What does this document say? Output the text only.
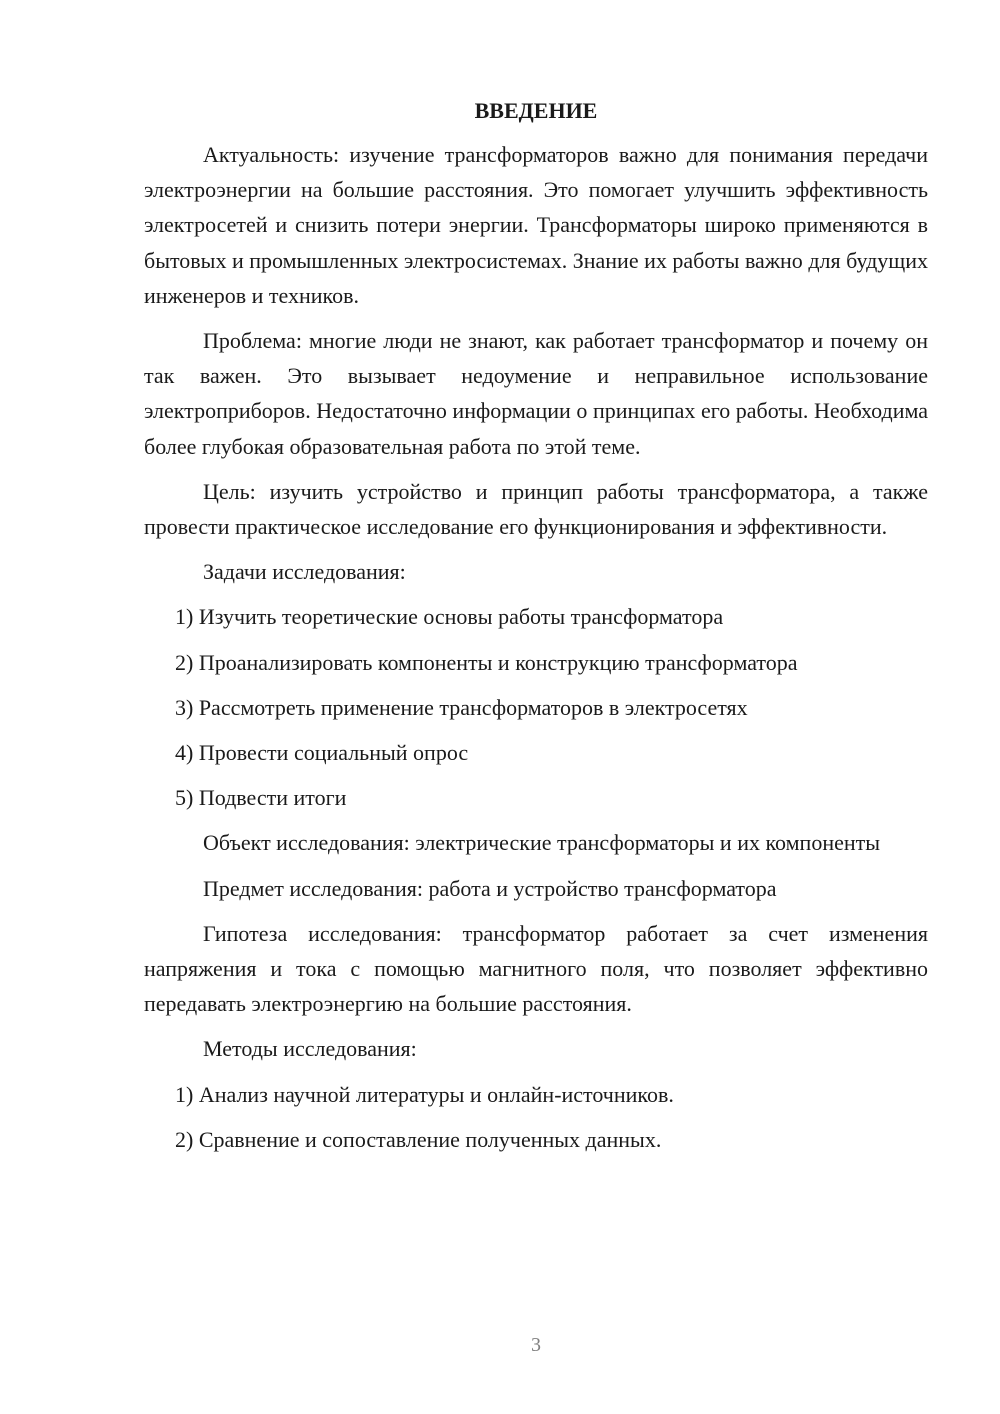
ВВЕДЕНИЕ

Актуальность: изучение трансформаторов важно для понимания передачи электроэнергии на большие расстояния. Это помогает улучшить эффективность электросетей и снизить потери энергии. Трансформаторы широко применяются в бытовых и промышленных электросистемах. Знание их работы важно для будущих инженеров и техников.

Проблема: многие люди не знают, как работает трансформатор и почему он так важен. Это вызывает недоумение и неправильное использование электроприборов. Недостаточно информации о принципах его работы. Необходима более глубокая образовательная работа по этой теме.

Цель: изучить устройство и принцип работы трансформатора, а также провести практическое исследование его функционирования и эффективности.

Задачи исследования:

1) Изучить теоретические основы работы трансформатора

2) Проанализировать компоненты и конструкцию трансформатора

3) Рассмотреть применение трансформаторов в электросетях

4) Провести социальный опрос

5) Подвести итоги

Объект исследования: электрические трансформаторы и их компоненты

Предмет исследования: работа и устройство трансформатора

Гипотеза исследования: трансформатор работает за счет изменения напряжения и тока с помощью магнитного поля, что позволяет эффективно передавать электроэнергию на большие расстояния.

Методы исследования:

1) Анализ научной литературы и онлайн-источников.

2) Сравнение и сопоставление полученных данных.

3
